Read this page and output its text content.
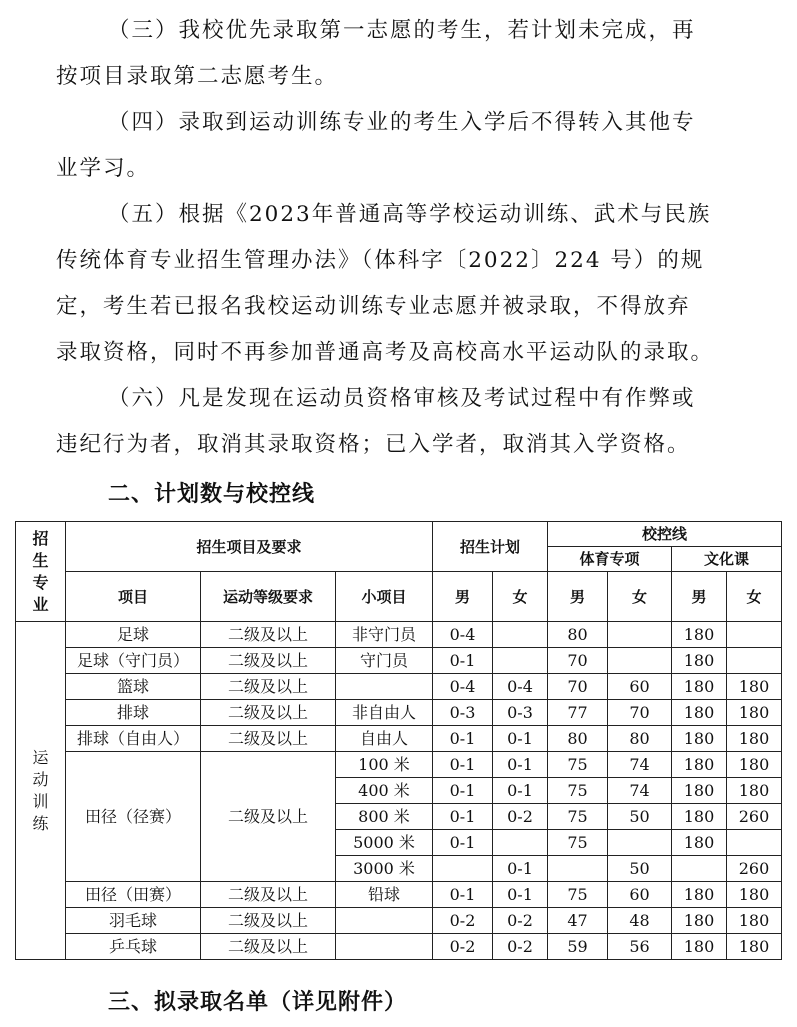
（三）我校优先录取第一志愿的考生，若计划未完成，再
按项目录取第二志愿考生。
（四）录取到运动训练专业的考生入学后不得转入其他专
业学习。
（五）根据《2023年普通高等学校运动训练、武术与民族
传统体育专业招生管理办法》（体科字〔2022〕224 号）的规
定，考生若已报名我校运动训练专业志愿并被录取，不得放弃
录取资格，同时不再参加普通高考及高校高水平运动队的录取。
（六）凡是发现在运动员资格审核及考试过程中有作弊或
违纪行为者，取消其录取资格；已入学者，取消其入学资格。
二、计划数与校控线
招生专业	招生项目及要求			招生计划		校控线			
						体育专项		文化课	
	项目	运动等级要求	小项目	男	女	男	女	男	女
运动训练	足球	二级及以上	非守门员	0-4		80		180	
	足球（守门员）	二级及以上	守门员	0-1		70		180	
	篮球	二级及以上		0-4	0-4	70	60	180	180
	排球	二级及以上	非自由人	0-3	0-3	77	70	180	180
	排球（自由人）	二级及以上	自由人	0-1	0-1	80	80	180	180
	田径（径赛）	二级及以上	100 米	0-1	0-1	75	74	180	180
			400 米	0-1	0-1	75	74	180	180
			800 米	0-1	0-2	75	50	180	260
			5000 米	0-1		75		180	
			3000 米		0-1		50		260
	田径（田赛）	二级及以上	铅球	0-1	0-1	75	60	180	180
	羽毛球	二级及以上		0-2	0-2	47	48	180	180
	乒乓球	二级及以上		0-2	0-2	59	56	180	180
三、拟录取名单（详见附件）
